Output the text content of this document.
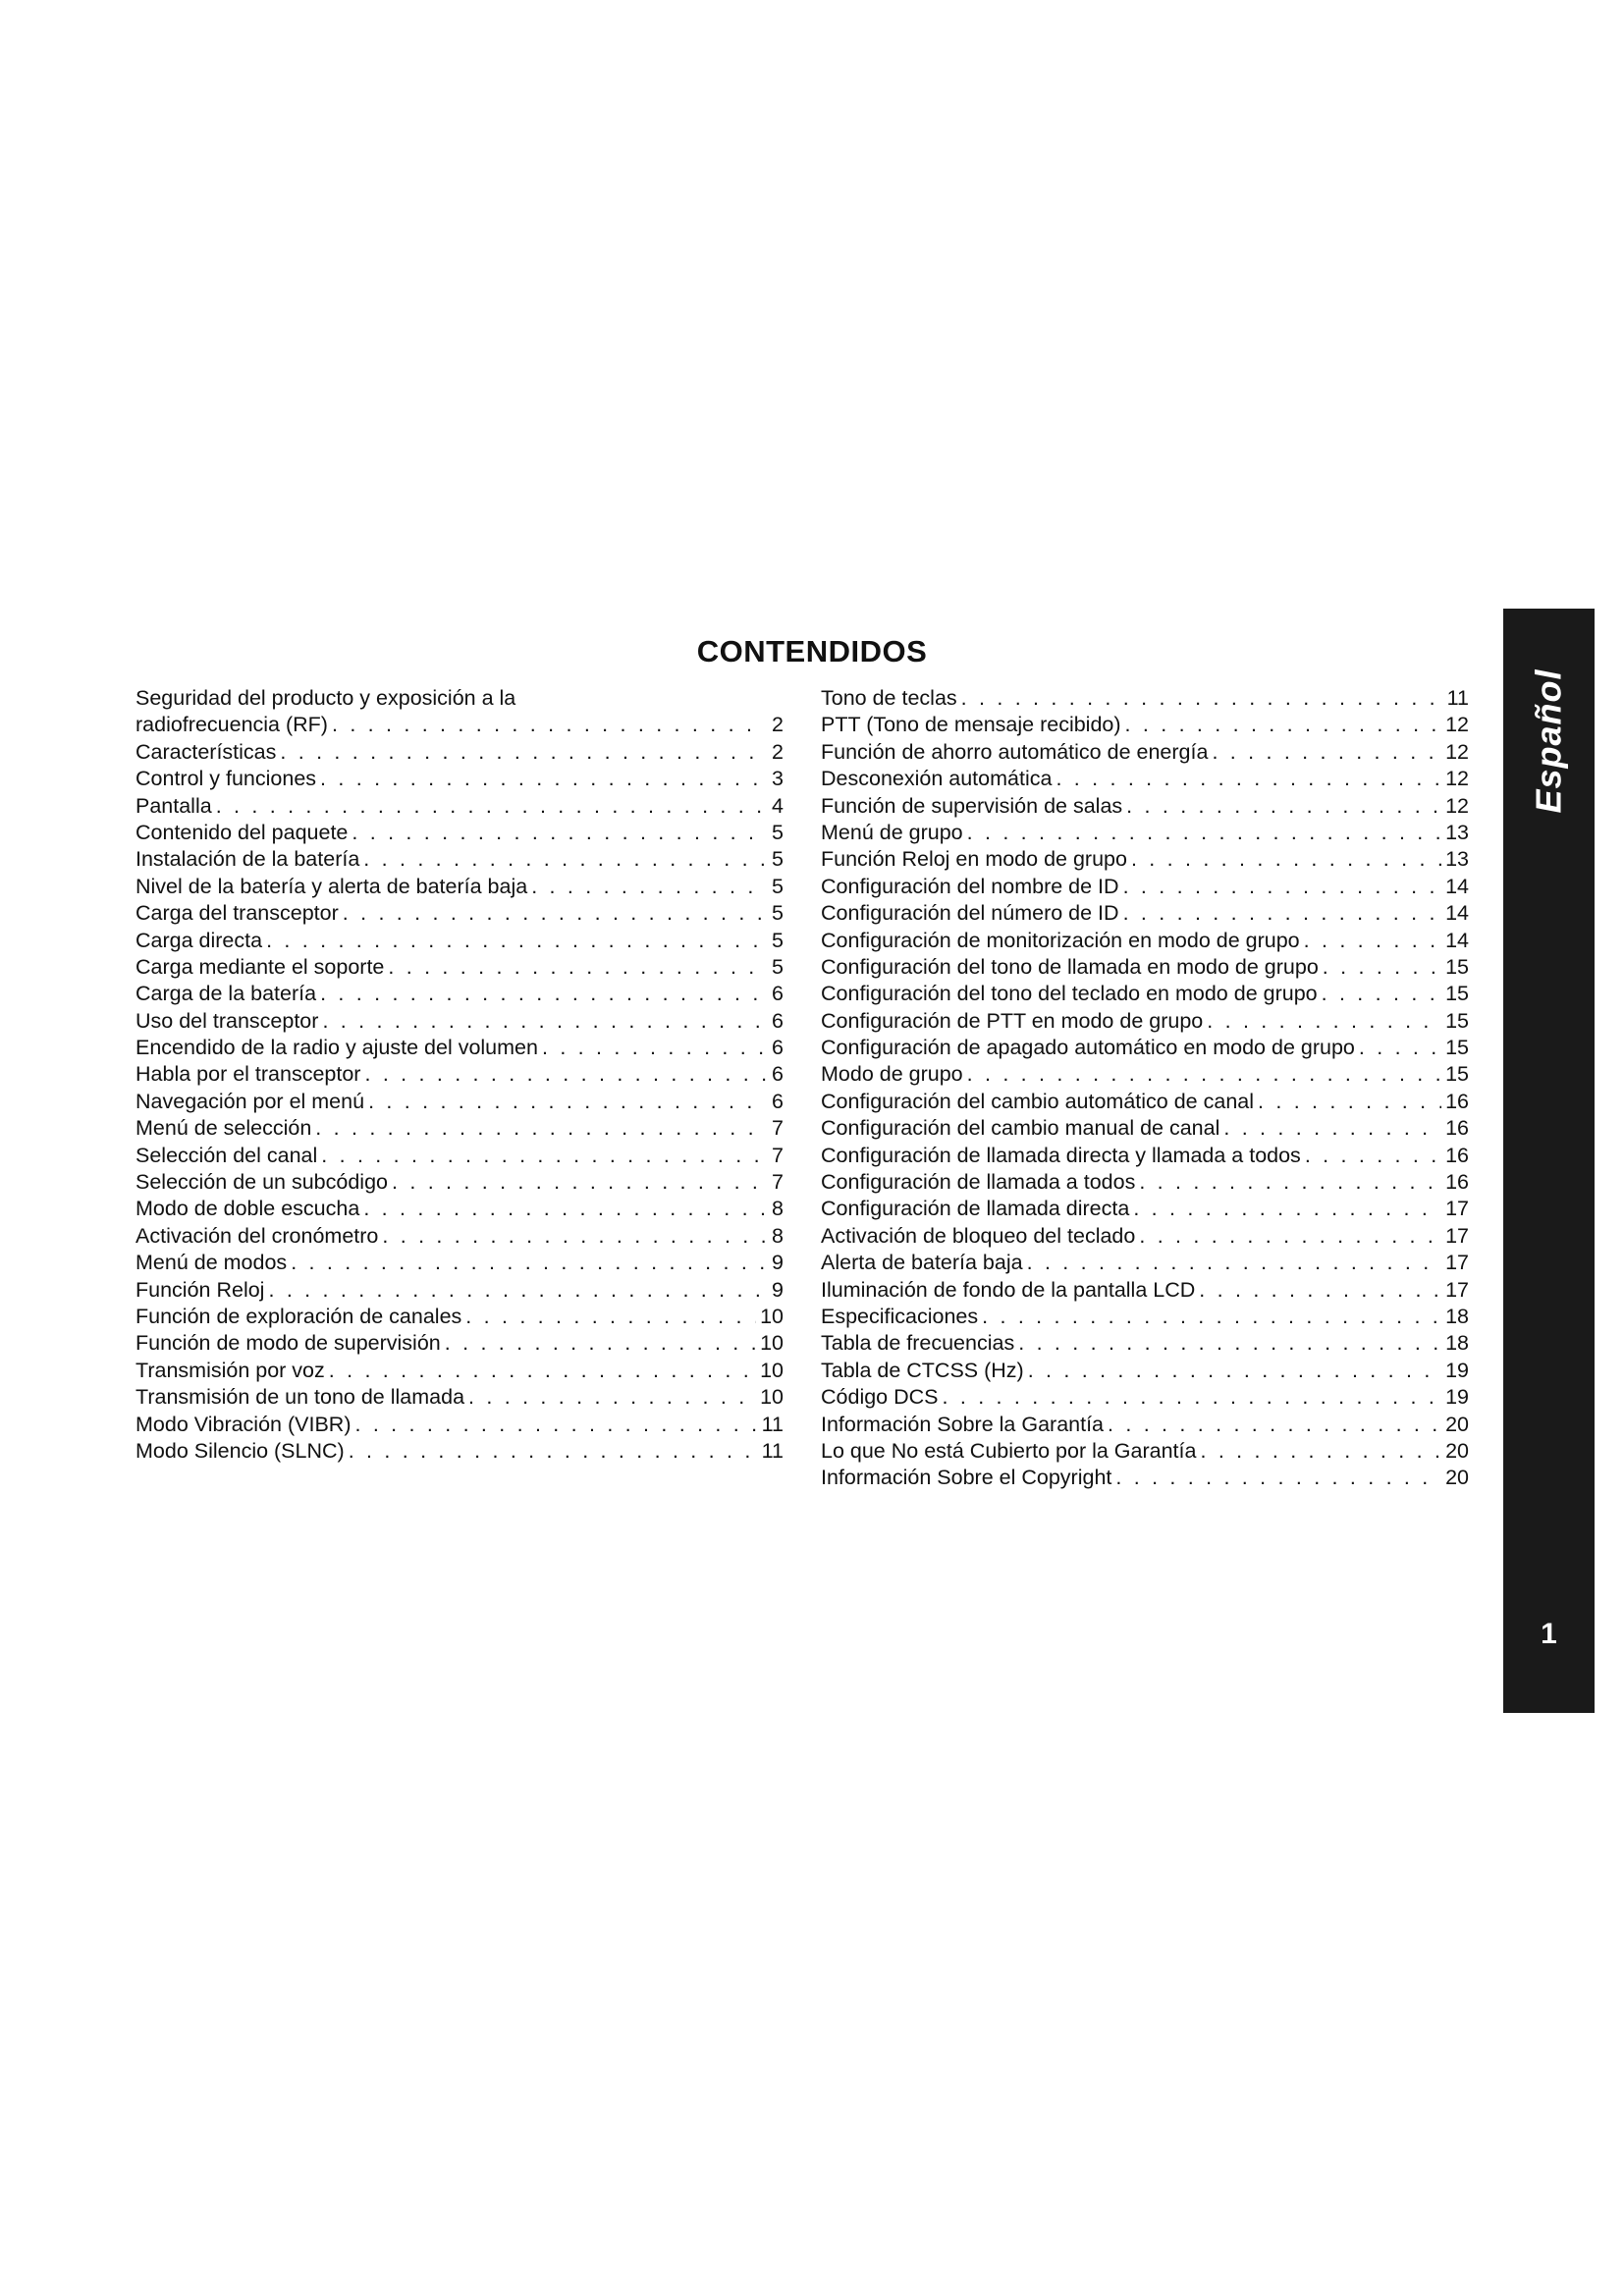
CONTENDIDOS
Seguridad del producto y exposición a la
radiofrecuencia (RF) . . .	2
Características . . .	2
Control y funciones . . .	3
Pantalla . . .	4
Contenido del paquete . . .	5
Instalación de la batería . . .	5
Nivel de la batería y alerta de batería baja . . .	5
Carga del transceptor . . .	5
Carga directa . . .	5
Carga mediante el soporte . . .	5
Carga de la batería . . .	6
Uso del transceptor . . .	6
Encendido de la radio y ajuste del volumen . . .	6
Habla por el transceptor . . .	6
Navegación por el menú . . .	6
Menú de selección . . .	7
Selección del canal . . .	7
Selección de un subcódigo . . .	7
Modo de doble escucha . . .	8
Activación del cronómetro . . .	8
Menú de modos . . .	9
Función Reloj . . .	9
Función de exploración de canales . . .	10
Función de modo de supervisión . . .	10
Transmisión por voz . . .	10
Transmisión de un tono de llamada . . .	10
Modo Vibración (VIBR) . . .	11
Modo Silencio (SLNC) . . .	11
Tono de teclas . . .	11
PTT (Tono de mensaje recibido) . . .	12
Función de ahorro automático de energía . . .	12
Desconexión automática . . .	12
Función de supervisión de salas . . .	12
Menú de grupo . . .	13
Función Reloj en modo de grupo . . .	13
Configuración del nombre de ID . . .	14
Configuración del número de ID . . .	14
Configuración de monitorización en modo de grupo . . .	14
Configuración del tono de llamada en modo de grupo . . .	15
Configuración del tono del teclado en modo de grupo . . .	15
Configuración de PTT en modo de grupo . . .	15
Configuración de apagado automático en modo de grupo . . .	15
Modo de grupo . . .	15
Configuración del cambio automático de canal . . .	16
Configuración del cambio manual de canal . . .	16
Configuración de llamada directa y llamada a todos . . .	16
Configuración de llamada a todos . . .	16
Configuración de llamada directa . . .	17
Activación de bloqueo del teclado . . .	17
Alerta de batería baja . . .	17
Iluminación de fondo de la pantalla LCD . . .	17
Especificaciones . . .	18
Tabla de frecuencias . . .	18
Tabla de CTCSS (Hz) . . .	19
Código DCS . . .	19
Información Sobre la Garantía . . .	20
Lo que No está Cubierto por la Garantía . . .	20
Información Sobre el Copyright . . .	20
Español
1
